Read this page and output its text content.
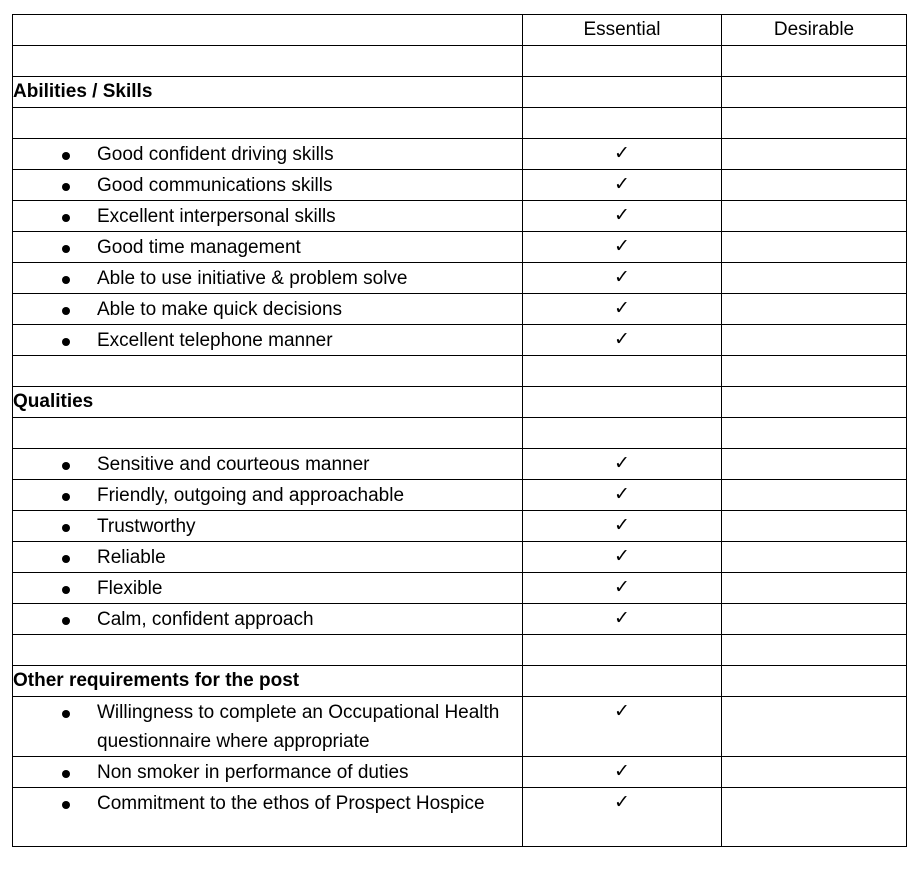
	Essential	Desirable

Abilities / Skills		

Good confident driving skills	✓	

Good communications skills	✓	

Excellent interpersonal skills	✓	

Good time management	✓	

Able to use initiative & problem solve	✓	

Able to make quick decisions	✓	

Excellent telephone manner	✓	

Qualities		

Sensitive and courteous manner	✓	

Friendly, outgoing and approachable	✓	

Trustworthy	✓	

Reliable	✓	

Flexible	✓	

Calm, confident approach	✓	

Other requirements for the post		

Willingness to complete an Occupational Health questionnaire where appropriate	✓	

Non smoker in performance of duties	✓	

Commitment to the ethos of Prospect Hospice	✓	
